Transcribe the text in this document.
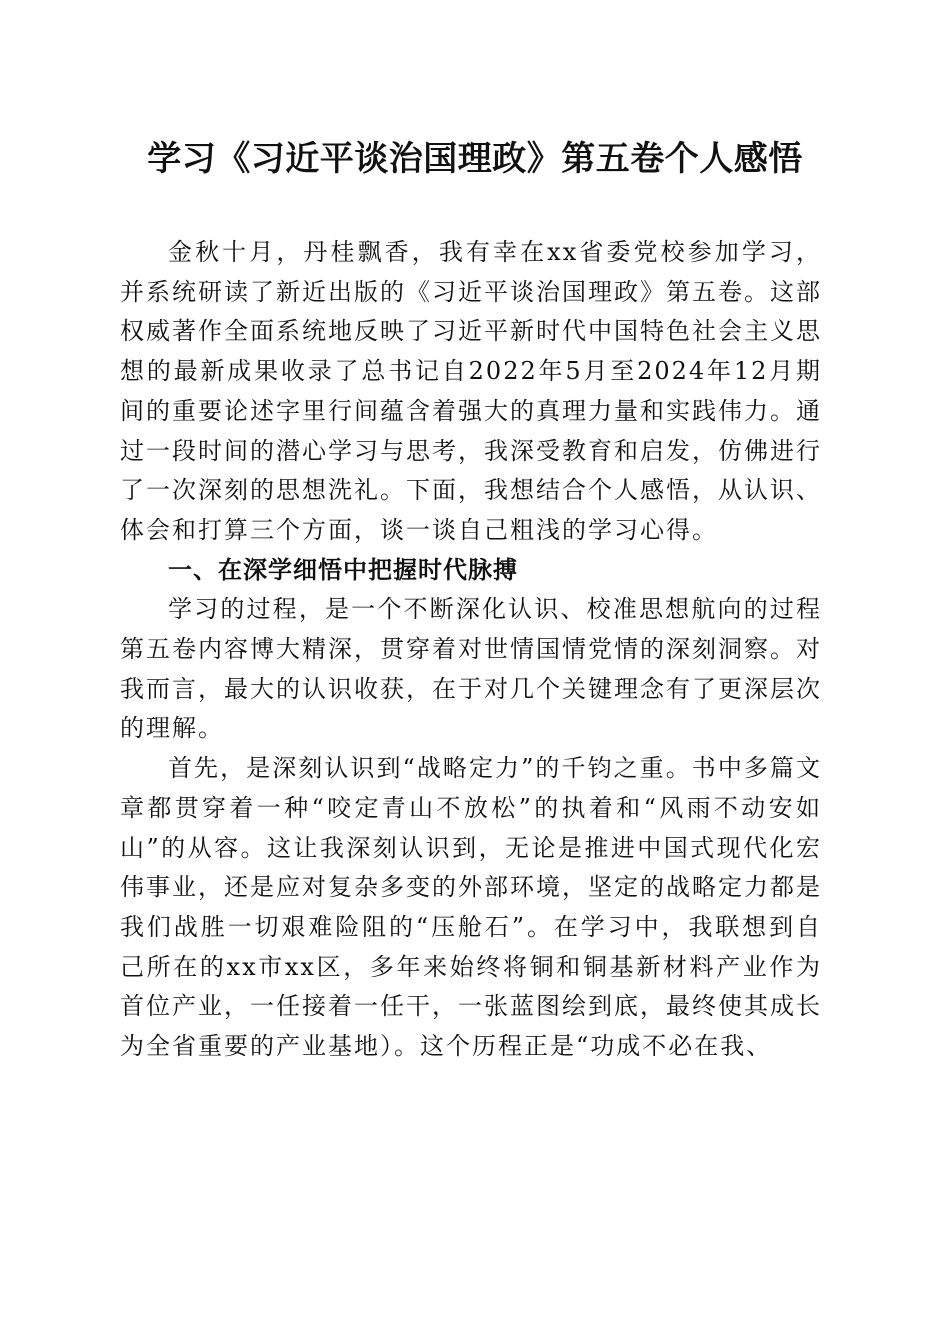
学习《习近平谈治国理政》第五卷个人感悟

金秋十月，丹桂飘香，我有幸在xx省委党校参加学习，并系统研读了新近出版的《习近平谈治国理政》第五卷。这部权威著作全面系统地反映了习近平新时代中国特色社会主义思想的最新成果收录了总书记自2022年5月至2024年12月期间的重要论述字里行间蕴含着强大的真理力量和实践伟力。通过一段时间的潜心学习与思考，我深受教育和启发，仿佛进行了一次深刻的思想洗礼。下面，我想结合个人感悟，从认识、体会和打算三个方面，谈一谈自己粗浅的学习心得。

一、在深学细悟中把握时代脉搏

学习的过程，是一个不断深化认识、校准思想航向的过程第五卷内容博大精深，贯穿着对世情国情党情的深刻洞察。对我而言，最大的认识收获，在于对几个关键理念有了更深层次的理解。

首先，是深刻认识到“战略定力”的千钧之重。书中多篇文章都贯穿着一种“咬定青山不放松”的执着和“风雨不动安如山”的从容。这让我深刻认识到，无论是推进中国式现代化宏伟事业，还是应对复杂多变的外部环境，坚定的战略定力都是我们战胜一切艰难险阻的“压舱石”。在学习中，我联想到自己所在的xx市xx区，多年来始终将铜和铜基新材料产业作为首位产业，一任接着一任干，一张蓝图绘到底，最终使其成长为全省重要的产业基地）。这个历程正是“功成不必在我、
